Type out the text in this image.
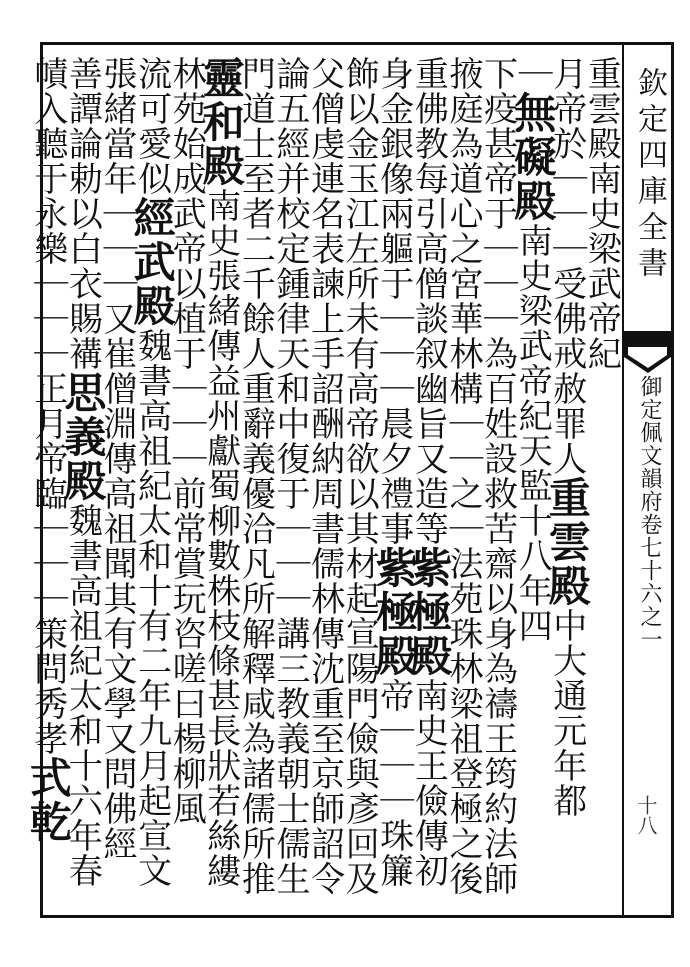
欽定四庫全書
御定佩文韻府卷七十六之一
十八
重雲殿南史梁武帝紀
月帝於｜｜｜受佛戒赦罪人重雲殿中大通元年都
｜無礙殿南史梁武帝紀天監十八年四
下疫甚帝于｜｜｜為百姓設救苦齋以身為禱王筠約法師
掖庭為道心之宮華林構｜｜之｜法苑珠林梁祖登極之後
重佛教每引高僧談叙幽旨又造等紫極殿南史王儉傳初
身金銀像兩軀于｜｜｜晨夕禮事紫極殿帝｜｜｜珠簾
飾以金玉江左所未有高帝欲以其材起宣陽門儉與彥回及
父僧虔連名表諫上手詔酬納周書儒林傳沈重至京師詔令
論五經并校定鍾律天和中復于｜｜｜講三教義朝士儒生
門道士至者二千餘人重辭義優洽凡所解釋咸為諸儒所推
靈和殿南史張緒傳益州獻蜀柳數株枝條甚長狀若絲縷
林苑始成武帝以植于｜｜｜前常賞玩咨嗟曰楊柳風
流可愛似經武殿魏書高祖紀太和十有二年九月起宣文
張緒當年｜｜｜又崔僧淵傳高祖聞其有文學又問佛經
善譚論勅以白衣賜褠思義殿魏書高祖紀太和十六年春
幘入聽于永樂｜｜｜正月帝臨｜｜｜策問秀孝式乾
